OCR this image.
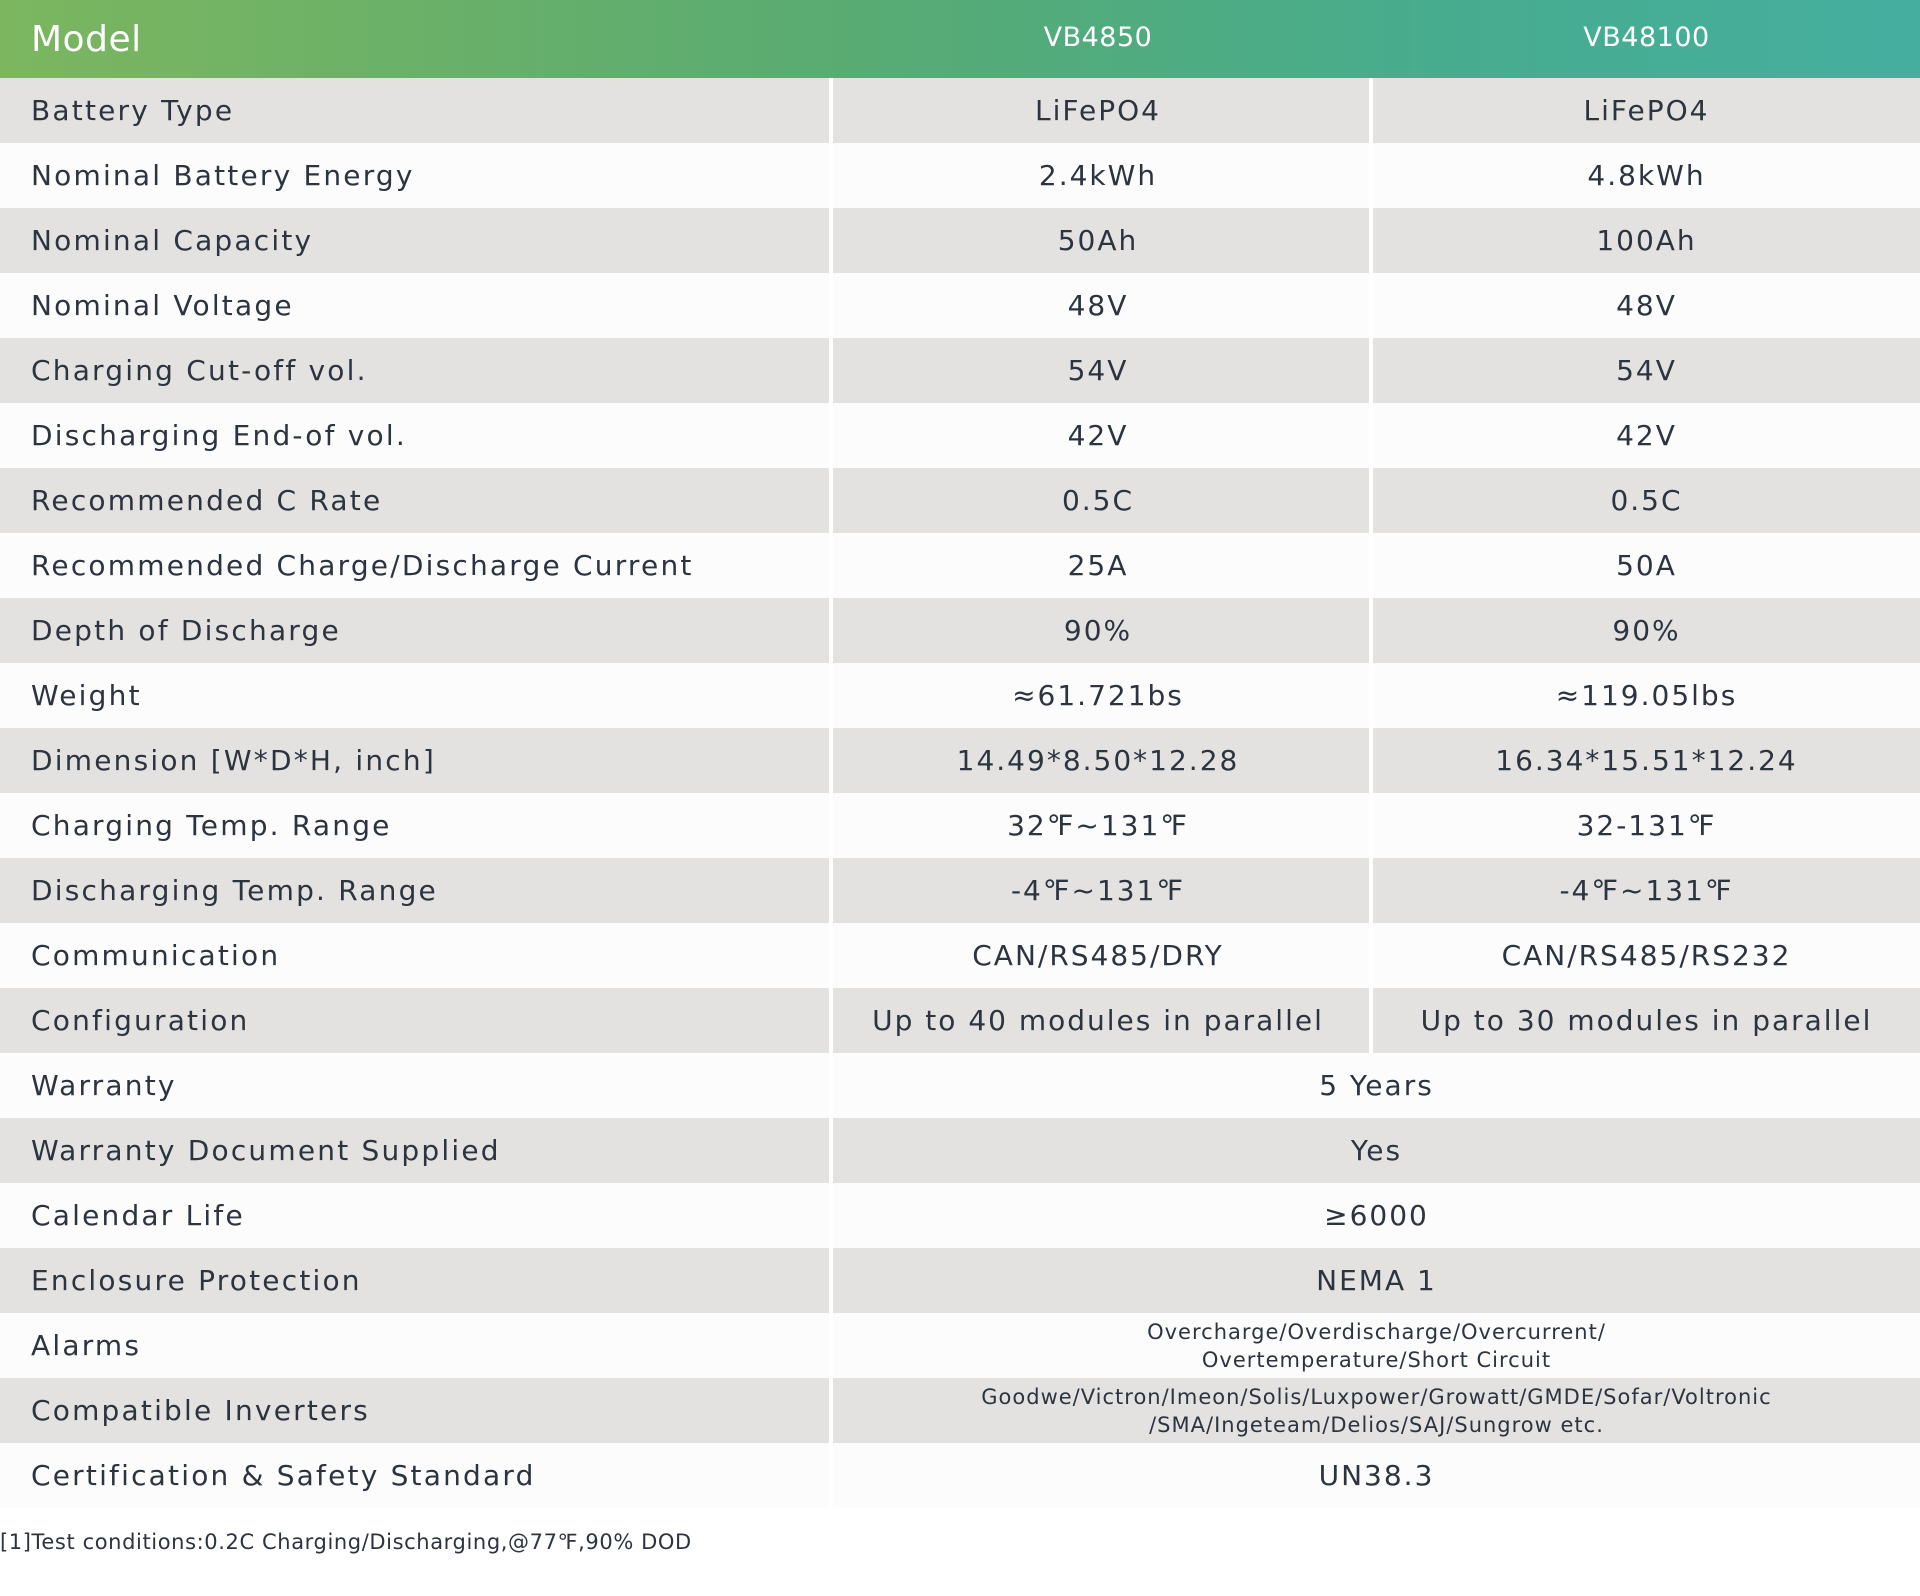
Model	VB4850	VB48100
Battery Type	LiFePO4	LiFePO4
Nominal Battery Energy	2.4kWh	4.8kWh
Nominal Capacity	50Ah	100Ah
Nominal Voltage	48V	48V
Charging Cut-off vol.	54V	54V
Discharging End-of vol.	42V	42V
Recommended C Rate	0.5C	0.5C
Recommended Charge/Discharge Current	25A	50A
Depth of Discharge	90%	90%
Weight	≈61.721bs	≈119.05lbs
Dimension [W*D*H, inch]	14.49*8.50*12.28	16.34*15.51*12.24
Charging Temp. Range	32℉~131℉	32-131℉
Discharging Temp. Range	-4℉~131℉	-4℉~131℉
Communication	CAN/RS485/DRY	CAN/RS485/RS232
Configuration	Up to 40 modules in parallel	Up to 30 modules in parallel
Warranty	5 Years
Warranty Document Supplied	Yes
Calendar Life	≥6000
Enclosure Protection	NEMA 1
Alarms	Overcharge/Overdischarge/Overcurrent/
Overtemperature/Short Circuit
Compatible Inverters	Goodwe/Victron/Imeon/Solis/Luxpower/Growatt/GMDE/Sofar/Voltronic
/SMA/Ingeteam/Delios/SAJ/Sungrow etc.
Certification & Safety Standard	UN38.3
[1]Test conditions:0.2C Charging/Discharging,@77℉,90% DOD
